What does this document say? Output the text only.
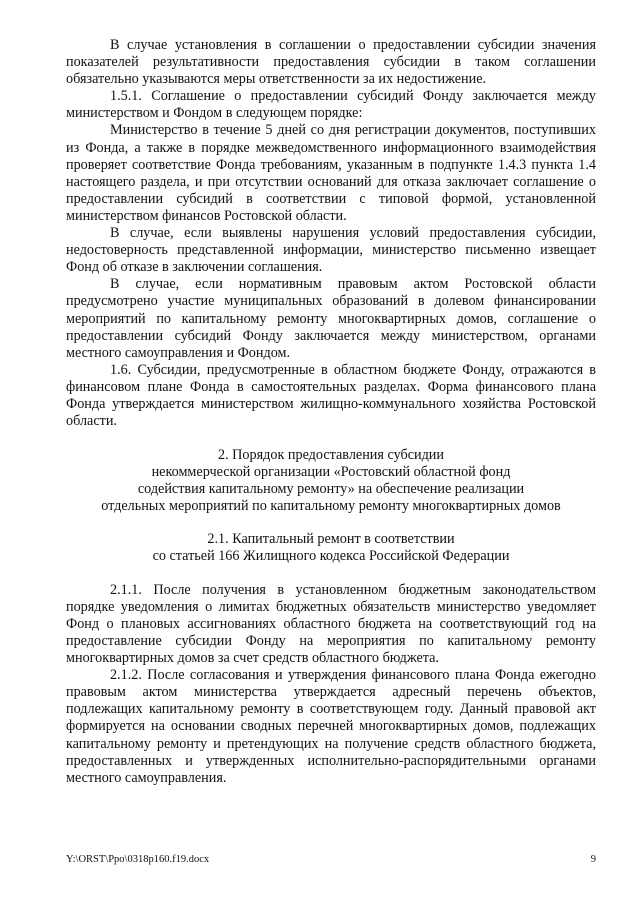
В случае установления в соглашении о предоставлении субсидии значения показателей результативности предоставления субсидии в таком соглашении обязательно указываются меры ответственности за их недостижение.

1.5.1. Соглашение о предоставлении субсидий Фонду заключается между министерством и Фондом в следующем порядке:

Министерство в течение 5 дней со дня регистрации документов, поступивших из Фонда, а также в порядке межведомственного информационного взаимодействия проверяет соответствие Фонда требованиям, указанным в подпункте 1.4.3 пункта 1.4 настоящего раздела, и при отсутствии оснований для отказа заключает соглашение о предоставлении субсидий в соответствии с типовой формой, установленной министерством финансов Ростовской области.

В случае, если выявлены нарушения условий предоставления субсидии, недостоверность представленной информации, министерство письменно извещает Фонд об отказе в заключении соглашения.

В случае, если нормативным правовым актом Ростовской области предусмотрено участие муниципальных образований в долевом финансировании мероприятий по капитальному ремонту многоквартирных домов, соглашение о предоставлении субсидий Фонду заключается между министерством, органами местного самоуправления и Фондом.

1.6. Субсидии, предусмотренные в областном бюджете Фонду, отражаются в финансовом плане Фонда в самостоятельных разделах. Форма финансового плана Фонда утверждается министерством жилищно-коммунального хозяйства Ростовской области.

2. Порядок предоставления субсидии

некоммерческой организации «Ростовский областной фонд

содействия капитальному ремонту» на обеспечение реализации

отдельных мероприятий по капитальному ремонту многоквартирных домов

2.1. Капитальный ремонт в соответствии

со статьей 166 Жилищного кодекса Российской Федерации

2.1.1. После получения в установленном бюджетным законодательством порядке уведомления о лимитах бюджетных обязательств министерство уведомляет Фонд о плановых ассигнованиях областного бюджета на соответствующий год на предоставление субсидии Фонду на мероприятия по капитальному ремонту многоквартирных домов за счет средств областного бюджета.

2.1.2. После согласования и утверждения финансового плана Фонда ежегодно правовым актом министерства утверждается адресный перечень объектов, подлежащих капитальному ремонту в соответствующем году. Данный правовой акт формируется на основании сводных перечней многоквартирных домов, подлежащих капитальному ремонту и претендующих на получение средств областного бюджета, предоставленных и утвержденных исполнительно-распорядительными органами местного самоуправления.

Y:\ORST\Ppo\0318p160.f19.docx	9
